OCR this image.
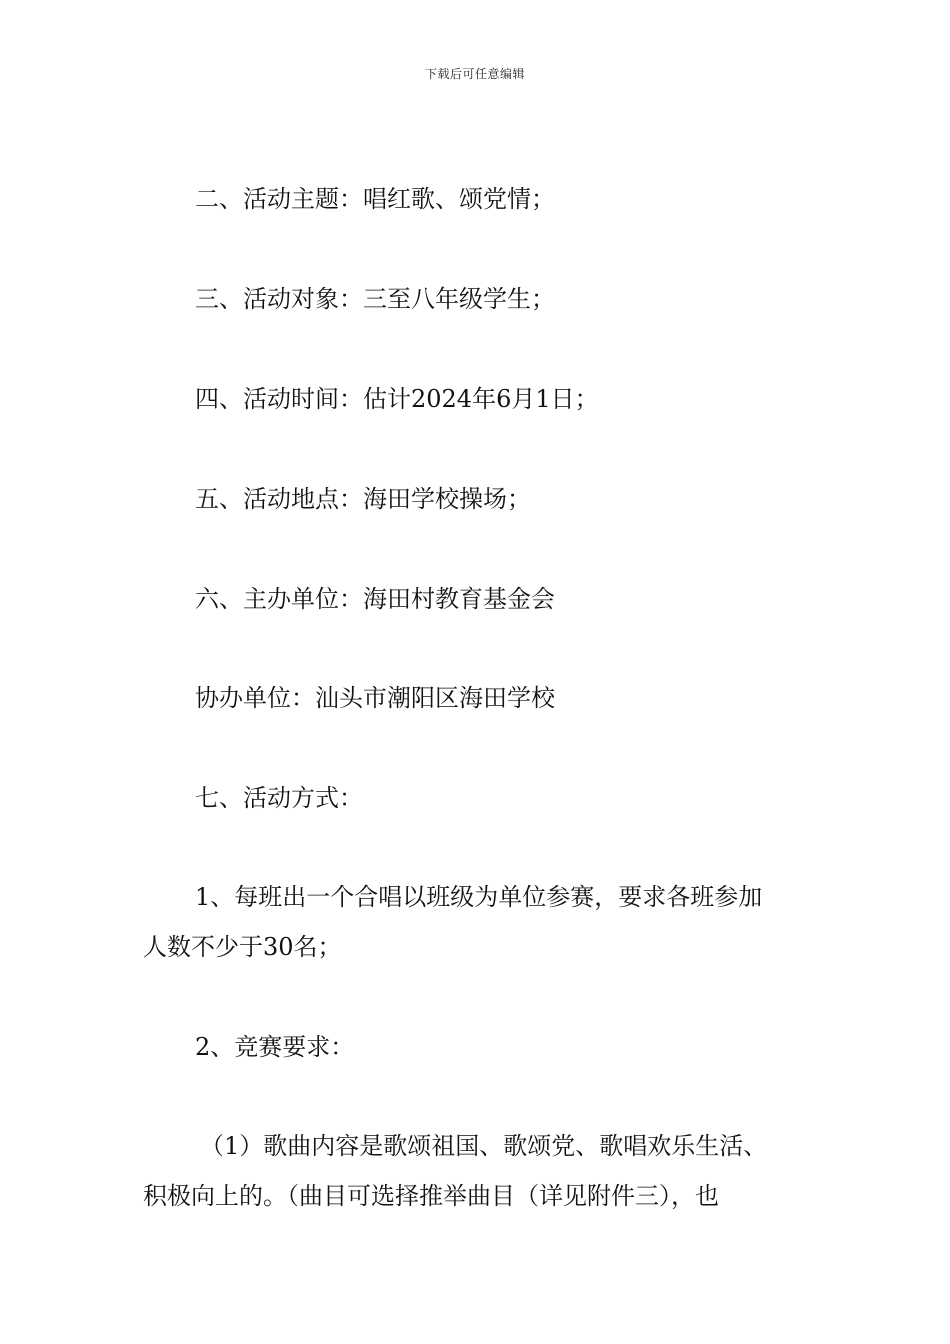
下载后可任意编辑
二、活动主题：唱红歌、颂党情；
三、活动对象：三至八年级学生；
四、活动时间：估计2024年6月1日；
五、活动地点：海田学校操场；
六、主办单位：海田村教育基金会
协办单位：汕头市潮阳区海田学校
七、活动方式：
1、每班出一个合唱以班级为单位参赛，要求各班参加
人数不少于30名；
2、竞赛要求：
（1）歌曲内容是歌颂祖国、歌颂党、歌唱欢乐生活、
积极向上的。（曲目可选择推举曲目（详见附件三），也
